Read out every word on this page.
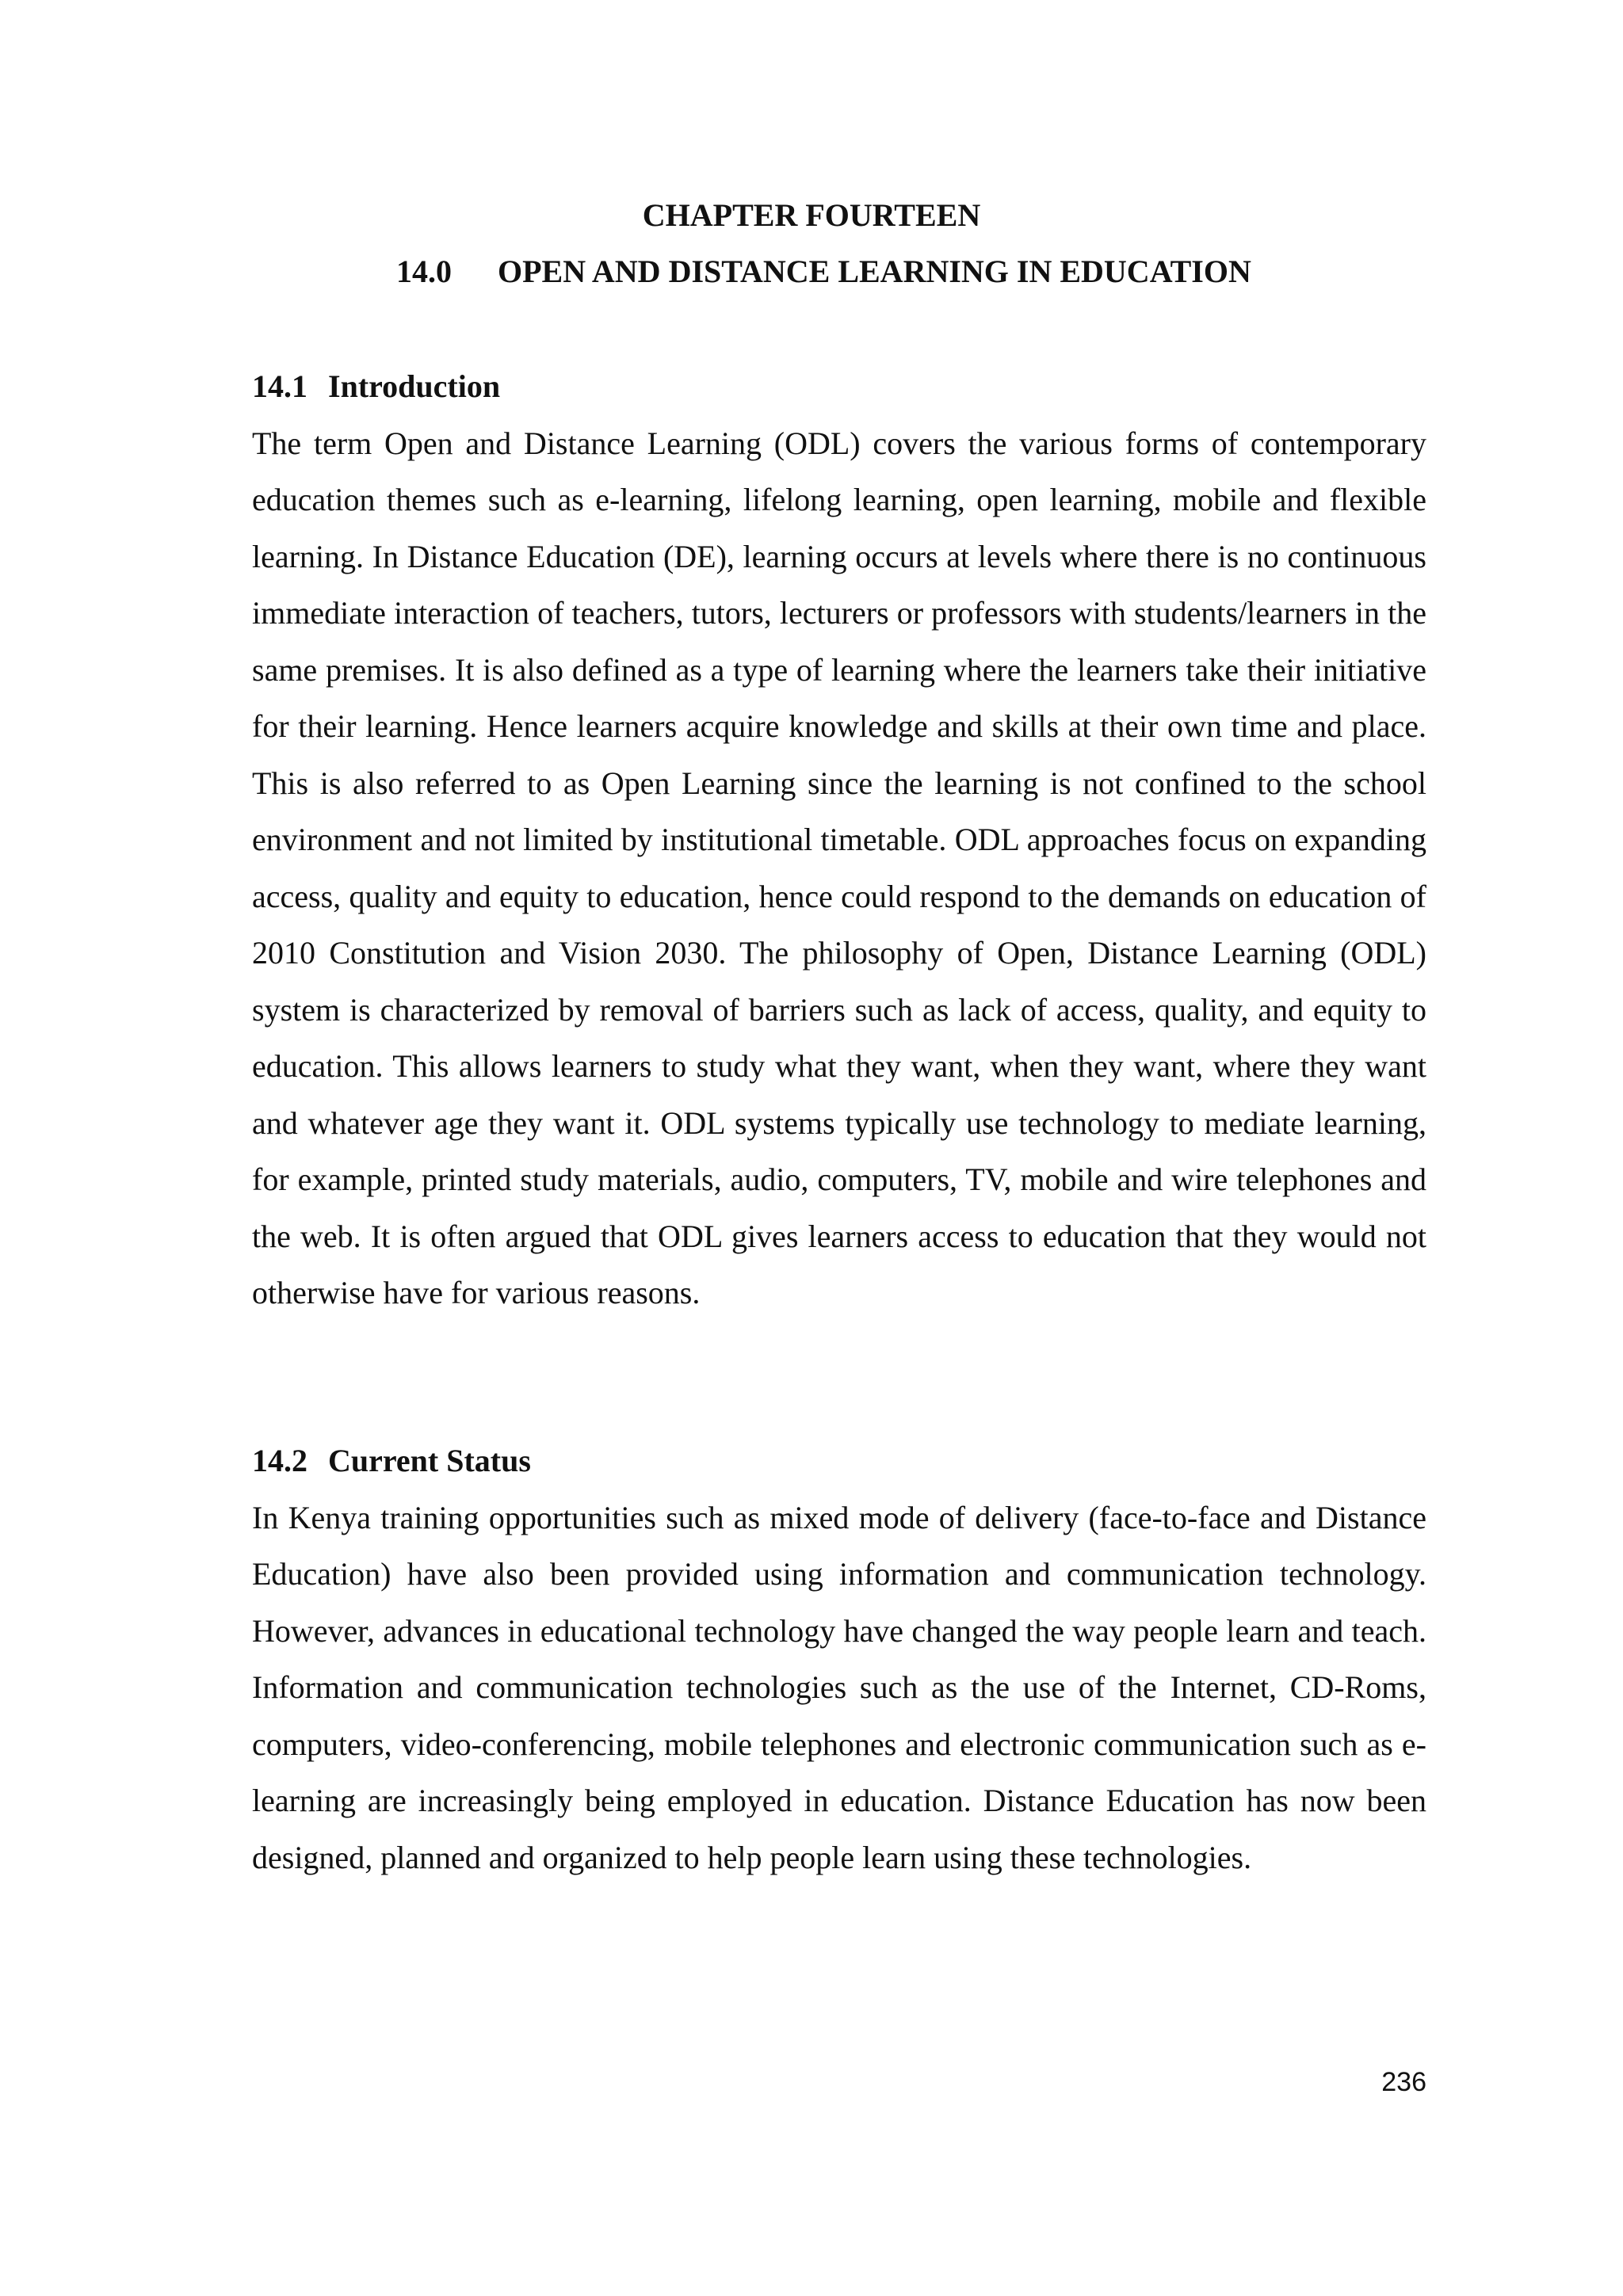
CHAPTER FOURTEEN
14.0 OPEN AND DISTANCE LEARNING IN EDUCATION
14.1 Introduction

The term Open and Distance Learning (ODL) covers the various forms of contemporary education themes such as e-learning, lifelong learning, open learning, mobile and flexible learning. In Distance Education (DE), learning occurs at levels where there is no continuous immediate interaction of teachers, tutors, lecturers or professors with students/learners in the same premises. It is also defined as a type of learning where the learners take their initiative for their learning. Hence learners acquire knowledge and skills at their own time and place. This is also referred to as Open Learning since the learning is not confined to the school environment and not limited by institutional timetable. ODL approaches focus on expanding access, quality and equity to education, hence could respond to the demands on education of 2010 Constitution and Vision 2030. The philosophy of Open, Distance Learning (ODL) system is characterized by removal of barriers such as lack of access, quality, and equity to education. This allows learners to study what they want, when they want, where they want and whatever age they want it. ODL systems typically use technology to mediate learning, for example, printed study materials, audio, computers, TV, mobile and wire telephones and the web. It is often argued that ODL gives learners access to education that they would not otherwise have for various reasons.

14.2 Current Status

In Kenya training opportunities such as mixed mode of delivery (face-to-face and Distance Education) have also been provided using information and communication technology. However, advances in educational technology have changed the way people learn and teach. Information and communication technologies such as the use of the Internet, CD-Roms, computers, video-conferencing, mobile telephones and electronic communication such as e-learning are increasingly being employed in education. Distance Education has now been designed, planned and organized to help people learn using these technologies.

236
